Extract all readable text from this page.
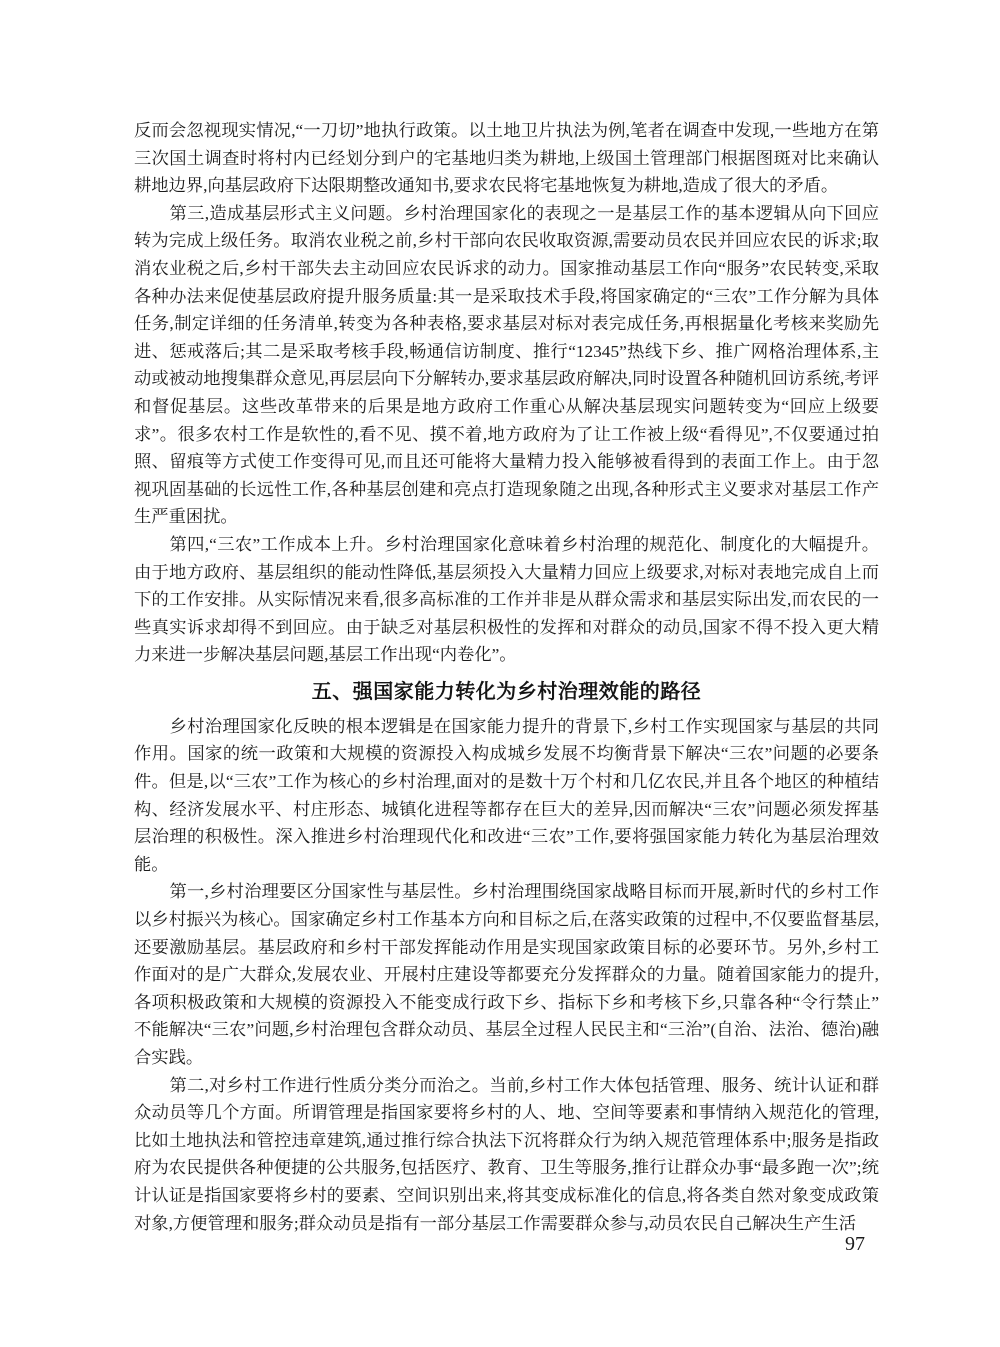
反而会忽视现实情况,“一刀切”地执行政策。以土地卫片执法为例,笔者在调查中发现,一些地方在第三次国土调查时将村内已经划分到户的宅基地归类为耕地,上级国土管理部门根据图斑对比来确认耕地边界,向基层政府下达限期整改通知书,要求农民将宅基地恢复为耕地,造成了很大的矛盾。

第三,造成基层形式主义问题。乡村治理国家化的表现之一是基层工作的基本逻辑从向下回应转为完成上级任务。取消农业税之前,乡村干部向农民收取资源,需要动员农民并回应农民的诉求;取消农业税之后,乡村干部失去主动回应农民诉求的动力。国家推动基层工作向“服务”农民转变,采取各种办法来促使基层政府提升服务质量:其一是采取技术手段,将国家确定的“三农”工作分解为具体任务,制定详细的任务清单,转变为各种表格,要求基层对标对表完成任务,再根据量化考核来奖励先进、惩戒落后;其二是采取考核手段,畅通信访制度、推行“12345”热线下乡、推广网格治理体系,主动或被动地搜集群众意见,再层层向下分解转办,要求基层政府解决,同时设置各种随机回访系统,考评和督促基层。这些改革带来的后果是地方政府工作重心从解决基层现实问题转变为“回应上级要求”。很多农村工作是软性的,看不见、摸不着,地方政府为了让工作被上级“看得见”,不仅要通过拍照、留痕等方式使工作变得可见,而且还可能将大量精力投入能够被看得到的表面工作上。由于忽视巩固基础的长远性工作,各种基层创建和亮点打造现象随之出现,各种形式主义要求对基层工作产生严重困扰。

第四,“三农”工作成本上升。乡村治理国家化意味着乡村治理的规范化、制度化的大幅提升。由于地方政府、基层组织的能动性降低,基层须投入大量精力回应上级要求,对标对表地完成自上而下的工作安排。从实际情况来看,很多高标准的工作并非是从群众需求和基层实际出发,而农民的一些真实诉求却得不到回应。由于缺乏对基层积极性的发挥和对群众的动员,国家不得不投入更大精力来进一步解决基层问题,基层工作出现“内卷化”。

五、强国家能力转化为乡村治理效能的路径

乡村治理国家化反映的根本逻辑是在国家能力提升的背景下,乡村工作实现国家与基层的共同作用。国家的统一政策和大规模的资源投入构成城乡发展不均衡背景下解决“三农”问题的必要条件。但是,以“三农”工作为核心的乡村治理,面对的是数十万个村和几亿农民,并且各个地区的种植结构、经济发展水平、村庄形态、城镇化进程等都存在巨大的差异,因而解决“三农”问题必须发挥基层治理的积极性。深入推进乡村治理现代化和改进“三农”工作,要将强国家能力转化为基层治理效能。

第一,乡村治理要区分国家性与基层性。乡村治理围绕国家战略目标而开展,新时代的乡村工作以乡村振兴为核心。国家确定乡村工作基本方向和目标之后,在落实政策的过程中,不仅要监督基层,还要激励基层。基层政府和乡村干部发挥能动作用是实现国家政策目标的必要环节。另外,乡村工作面对的是广大群众,发展农业、开展村庄建设等都要充分发挥群众的力量。随着国家能力的提升,各项积极政策和大规模的资源投入不能变成行政下乡、指标下乡和考核下乡,只靠各种“令行禁止”不能解决“三农”问题,乡村治理包含群众动员、基层全过程人民民主和“三治”(自治、法治、德治)融合实践。

第二,对乡村工作进行性质分类分而治之。当前,乡村工作大体包括管理、服务、统计认证和群众动员等几个方面。所谓管理是指国家要将乡村的人、地、空间等要素和事情纳入规范化的管理,比如土地执法和管控违章建筑,通过推行综合执法下沉将群众行为纳入规范管理体系中;服务是指政府为农民提供各种便捷的公共服务,包括医疗、教育、卫生等服务,推行让群众办事“最多跑一次”;统计认证是指国家要将乡村的要素、空间识别出来,将其变成标准化的信息,将各类自然对象变成政策对象,方便管理和服务;群众动员是指有一部分基层工作需要群众参与,动员农民自己解决生产生活

97
